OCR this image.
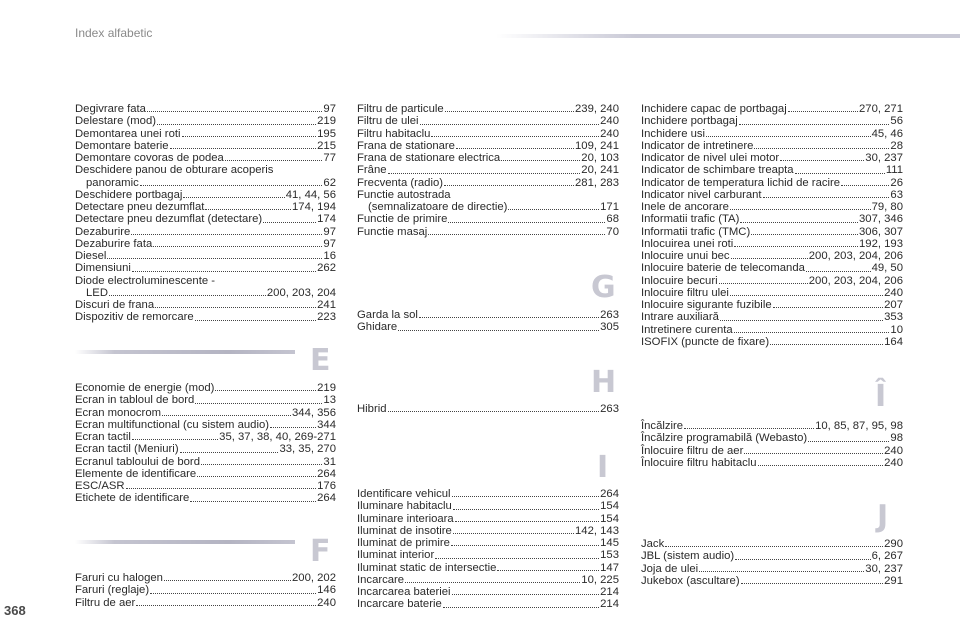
Index alfabetic
Degivrare fata	97
Delestare (mod)	219
Demontarea unei roti	195
Demontare baterie	215
Demontare covoras de podea	77
Deschidere panou de obturare acoperis
panoramic	62
Deschidere portbagaj	41, 44, 56
Detectare pneu dezumflat	174, 194
Detectare pneu dezumflat (detectare)	174
Dezaburire	97
Dezaburire fata	97
Diesel	16
Dimensiuni	262
Diode electroluminescente -
LED	200, 203, 204
Discuri de frana	241
Dispozitiv de remorcare	223
E
Economie de energie (mod)	219
Ecran in tabloul de bord	13
Ecran monocrom	344, 356
Ecran multifunctional (cu sistem audio)	344
Ecran tactil	35, 37, 38, 40, 269-271
Ecran tactil (Meniuri)	33, 35, 270
Ecranul tabloului de bord	31
Elemente de identificare	264
ESC/ASR	176
Etichete de identificare	264
F
Faruri cu halogen	200, 202
Faruri (reglaje)	146
Filtru de aer	240
Filtru de particule	239, 240
Filtru de ulei	240
Filtru habitaclu	240
Frana de stationare	109, 241
Frana de stationare electrica	20, 103
Frâne	20, 241
Frecventa (radio)	281, 283
Functie autostrada
(semnalizatoare de directie)	171
Functie de primire	68
Functie masaj	70
G
Garda la sol	263
Ghidare	305
H
Hibrid	263
I
Identificare vehicul	264
Iluminare habitaclu	154
Iluminare interioara	154
Iluminat de insotire	142, 143
Iluminat de primire	145
Iluminat interior	153
Iluminat static de intersectie	147
Incarcare	10, 225
Incarcarea bateriei	214
Incarcare baterie	214
Inchidere capac de portbagaj	270, 271
Inchidere portbagaj	56
Inchidere usi	45, 46
Indicator de intretinere	28
Indicator de nivel ulei motor	30, 237
Indicator de schimbare treapta	111
Indicator de temperatura lichid de racire	26
Indicator nivel carburant	63
Inele de ancorare	79, 80
Informatii trafic (TA)	307, 346
Informatii trafic (TMC)	306, 307
Inlocuirea unei roti	192, 193
Inlocuire unui bec	200, 203, 204, 206
Inlocuire baterie de telecomanda	49, 50
Inlocuire becuri	200, 203, 204, 206
Inlocuire filtru ulei	240
Inlocuire sigurante fuzibile	207
Intrare auxiliară	353
Intretinere curenta	10
ISOFIX (puncte de fixare)	164
Î
Încălzire	10, 85, 87, 95, 98
Încălzire programabilă (Webasto)	98
Înlocuire filtru de aer	240
Înlocuire filtru habitaclu	240
J
Jack	290
JBL (sistem audio)	6, 267
Joja de ulei	30, 237
Jukebox (ascultare)	291
368
